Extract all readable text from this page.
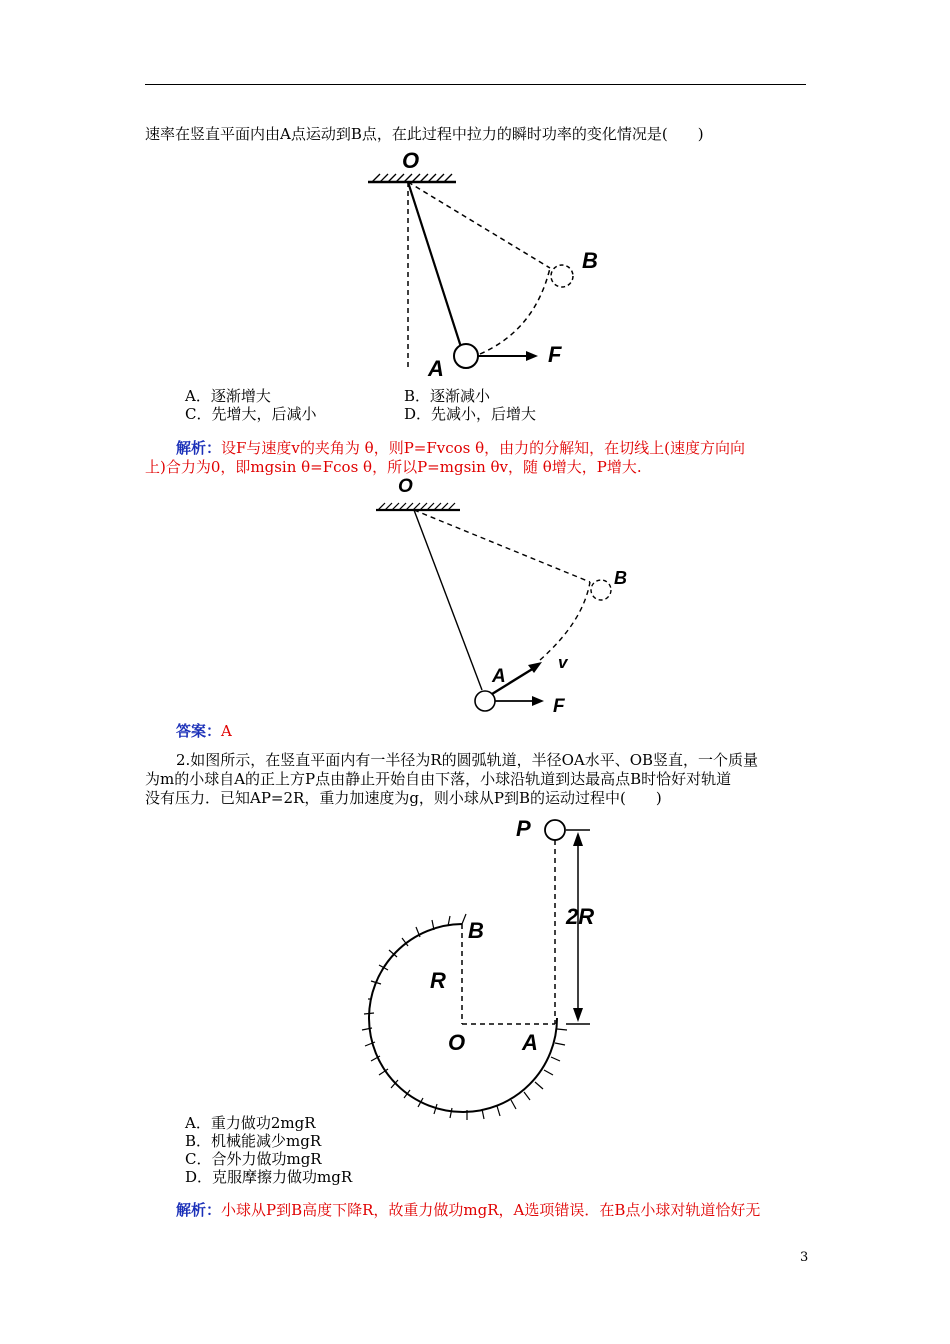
速率在竖直平面内由A点运动到B点，在此过程中拉力的瞬时功率的变化情况是(　　)
O
B
F
A
A．逐渐增大	B．逐渐减小
C．先增大，后减小	D．先减小，后增大
解析：设F与速度v的夹角为 θ，则P=Fvcos θ，由力的分解知，在切线上(速度方向向
上)合力为0，即mgsin θ=Fcos θ，所以P=mgsin θv，随 θ增大，P增大.
O
B
v
F
A
答案：A
2.如图所示，在竖直平面内有一半径为R的圆弧轨道，半径OA水平、OB竖直，一个质量
为m的小球自A的正上方P点由静止开始自由下落，小球沿轨道到达最高点B时恰好对轨道
没有压力．已知AP=2R，重力加速度为g，则小球从P到B的运动过程中(　　)
P
2R
B
R
O	A
A．重力做功2mgR
B．机械能减少mgR
C．合外力做功mgR
D．克服摩擦力做功mgR
解析：小球从P到B高度下降R，故重力做功mgR，A选项错误．在B点小球对轨道恰好无
3
